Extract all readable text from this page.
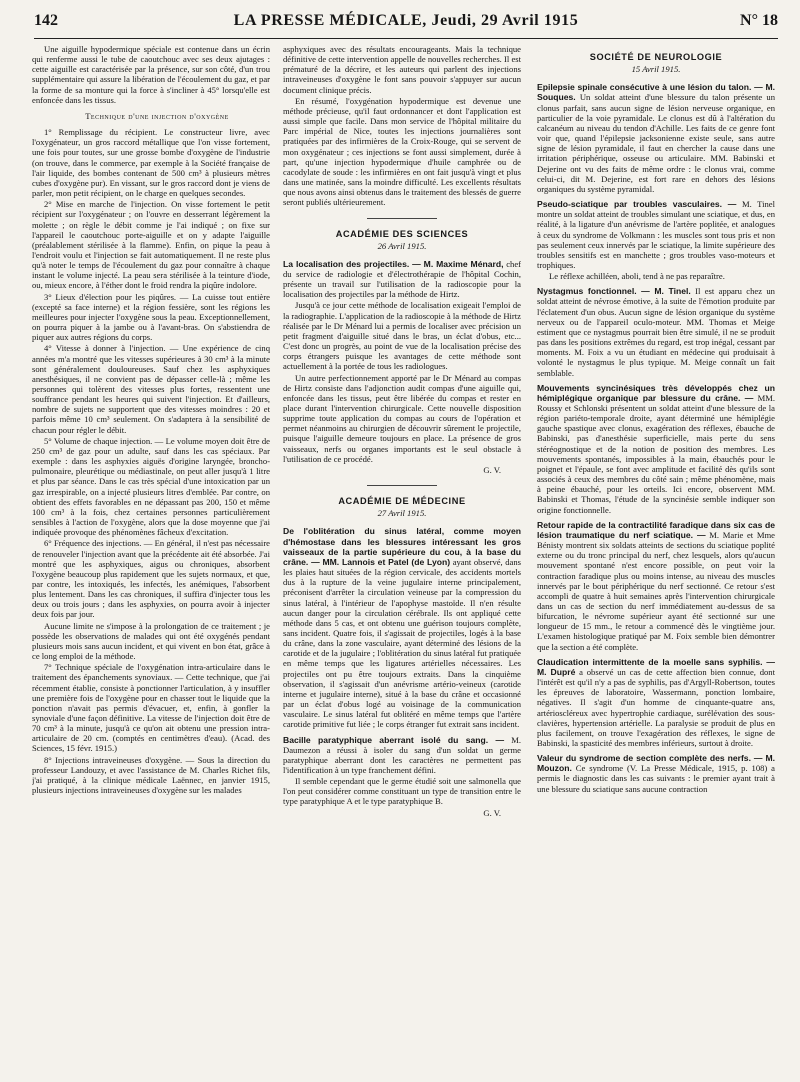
142	LA PRESSE MÉDICALE, Jeudi, 29 Avril 1915	N° 18

Une aiguille hypodermique spéciale est contenue dans un écrin qui renferme aussi le tube de caoutchouc avec ses deux ajutages : cette aiguille est caractérisée par la présence, sur son côté, d'un trou supplémentaire qui assure la libération de l'écoulement du gaz, et par la forme de sa monture qui la force à s'incliner à 45° lorsqu'elle est enfoncée dans les tissus.

Technique d'une injection d'oxygène

1° Remplissage du récipient. Le constructeur livre, avec l'oxygénateur, un gros raccord métallique que l'on visse fortement, une fois pour toutes, sur une grosse bombe d'oxygène de l'industrie (on trouve, dans le commerce, par exemple à la Société française de l'air liquide, des bombes contenant de 500 cm³ à plusieurs mètres cubes d'oxygène pur). En vissant, sur le gros raccord dont je viens de parler, mon petit récipient, on le charge en quelques secondes.

2° Mise en marche de l'injection. On visse fortement le petit récipient sur l'oxygénateur ; on l'ouvre en desserrant légèrement la molette ; on règle le débit comme je l'ai indiqué ; on fixe sur l'appareil le caoutchouc porte-aiguille et on y adapte l'aiguille (préalablement stérilisée à la flamme). Enfin, on pique la peau à l'endroit voulu et l'injection se fait automatiquement. Il ne reste plus qu'à noter le temps de l'écoulement du gaz pour connaître à chaque instant le volume injecté. La peau sera stérilisée à la teinture d'iode, ou, mieux encore, à l'éther dont le froid rendra la piqûre indolore.

3° Lieux d'élection pour les piqûres. — La cuisse tout entière (excepté sa face interne) et la région fessière, sont les régions les meilleures pour injecter l'oxygène sous la peau. Exceptionnellement, on pourra piquer à la jambe ou à l'avant-bras. On s'abstiendra de piquer aux autres régions du corps.

4° Vitesse à donner à l'injection. — Une expérience de cinq années m'a montré que les vitesses supérieures à 30 cm³ à la minute sont généralement douloureuses. Sauf chez les asphyxiques anesthésiques, il ne convient pas de dépasser celle-là ; même les personnes qui tolèrent des vitesses plus fortes, ressentent une souffrance pendant les heures qui suivent l'injection. Et d'ailleurs, nombre de sujets ne supportent que des vitesses moindres : 20 et parfois même 10 cm³ seulement. On s'adaptera à la sensibilité de chacun pour régler le débit.

5° Volume de chaque injection. — Le volume moyen doit être de 250 cm³ de gaz pour un adulte, sauf dans les cas spéciaux. Par exemple : dans les asphyxies aiguës d'origine laryngée, broncho-pulmonaire, pleurétique ou médiastinale, on peut aller jusqu'à 1 litre et plus par séance. Dans le cas très spécial d'une intoxication par un gaz irrespirable, on a injecté plusieurs litres d'emblée. Par contre, on obtient des effets favorables en ne dépassant pas 200, 150 et même 100 cm³ à la fois, chez certaines personnes particulièrement sensibles à l'action de l'oxygène, alors que la dose moyenne que j'ai indiquée provoque des phénomènes fâcheux d'excitation.

6° Fréquence des injections. — En général, il n'est pas nécessaire de renouveler l'injection avant que la précédente ait été absorbée. J'ai montré que les asphyxiques, aigus ou chroniques, absorbent l'oxygène beaucoup plus rapidement que les sujets normaux, et que, par contre, les intoxiqués, les infectés, les anémiques, l'absorbent plus lentement. Dans les cas chroniques, il suffira d'injecter tous les deux ou trois jours ; dans les asphyxies, on pourra avoir à injecter deux fois par jour.

Aucune limite ne s'impose à la prolongation de ce traitement ; je possède les observations de malades qui ont été oxygénés pendant plusieurs mois sans aucun incident, et qui vivent en bon état, grâce à ce long emploi de la méthode.

7° Technique spéciale de l'oxygénation intra-articulaire dans le traitement des épanchements synoviaux. — Cette technique, que j'ai récemment établie, consiste à ponctionner l'articulation, à y insuffler une première fois de l'oxygène pour en chasser tout le liquide que la ponction n'avait pas permis d'évacuer, et, enfin, à gonfler la synoviale d'une façon définitive. La vitesse de l'injection doit être de 70 cm³ à la minute, jusqu'à ce qu'on ait obtenu une pression intra-articulaire de 20 cm. (comptés en centimètres d'eau). (Acad. des Sciences, 15 févr. 1915.)

8° Injections intraveineuses d'oxygène. — Sous la direction du professeur Landouzy, et avec l'assistance de M. Charles Richet fils, j'ai pratiqué, à la clinique médicale Laënnec, en janvier 1915, plusieurs injections intraveineuses d'oxygène sur les malades

asphyxiques avec des résultats encourageants. Mais la technique définitive de cette intervention appelle de nouvelles recherches. Il est prématuré de la décrire, et les auteurs qui parlent des injections intraveineuses d'oxygène le font sans pouvoir s'appuyer sur aucun document clinique précis.

En résumé, l'oxygénation hypodermique est devenue une méthode précieuse, qu'il faut ordonnancer et dont l'application est aussi simple que facile. Dans mon service de l'hôpital militaire du Parc impérial de Nice, toutes les injections journalières sont pratiquées par des infirmières de la Croix-Rouge, qui se servent de mon oxygénateur ; ces injections se font aussi simplement, durée à part, qu'une injection hypodermique d'huile camphrée ou de cacodylate de soude : les infirmières en ont fait jusqu'à vingt et plus dans une matinée, sans la moindre difficulté. Les excellents résultats que nous avons ainsi obtenus dans le traitement des blessés de guerre seront publiés ultérieurement.

ACADÉMIE DES SCIENCES

26 Avril 1915.

La localisation des projectiles. — M. Maxime Ménard, chef du service de radiologie et d'électrothérapie de l'hôpital Cochin, présente un travail sur l'utilisation de la radioscopie pour la localisation des projectiles par la méthode de Hirtz.

Jusqu'à ce jour cette méthode de localisation exigeait l'emploi de la radiographie. L'application de la radioscopie à la méthode de Hirtz réalisée par le Dr Ménard lui a permis de localiser avec précision un petit fragment d'aiguille situé dans le bras, un éclat d'obus, etc... C'est donc un progrès, au point de vue de la localisation précise des corps étrangers puisque les avantages de cette méthode sont actuellement à la portée de tous les radiologues.

Un autre perfectionnement apporté par le Dr Ménard au compas de Hirtz consiste dans l'adjonction audit compas d'une aiguille qui, enfoncée dans les tissus, peut être libérée du compas et rester en place durant l'intervention chirurgicale. Cette nouvelle disposition supprime toute application du compas au cours de l'opération et permet néanmoins au chirurgien de découvrir sûrement le projectile, puisque l'aiguille demeure toujours en place. La présence de gros vaisseaux, nerfs ou organes importants est le seul obstacle à l'utilisation de ce procédé.

G. V.

ACADÉMIE DE MÉDECINE

27 Avril 1915.

De l'oblitération du sinus latéral, comme moyen d'hémostase dans les blessures intéressant les gros vaisseaux de la partie supérieure du cou, à la base du crâne. — MM. Lannois et Patel (de Lyon) ayant observé, dans les plaies haut situées de la région cervicale, des accidents mortels dus à la rupture de la veine jugulaire interne principalement, préconisent d'arrêter la circulation veineuse par la compression du sinus latéral, à l'intérieur de l'apophyse mastoïde. Il n'en résulte aucun danger pour la circulation cérébrale. Ils ont appliqué cette méthode dans 5 cas, et ont obtenu une guérison toujours complète, sans incident. Quatre fois, il s'agissait de projectiles, logés à la base du crâne, dans la zone vasculaire, ayant déterminé des lésions de la carotide et de la jugulaire ; l'oblitération du sinus latéral fut pratiquée en même temps que les ligatures artérielles nécessaires. Les projectiles ont pu être toujours extraits. Dans la cinquième observation, il s'agissait d'un anévrisme artério-veineux (carotide interne et jugulaire interne), situé à la base du crâne et occasionné par un éclat d'obus logé au voisinage de la communication vasculaire. Le sinus latéral fut oblitéré en même temps que l'artère carotide primitive fut liée ; le corps étranger fut extrait sans incident.

Bacille paratyphique aberrant isolé du sang. — M. Daumezon a réussi à isoler du sang d'un soldat un germe paratyphique aberrant dont les caractères ne permettent pas l'identification à un type franchement défini.

Il semble cependant que le germe étudié soit une salmonella que l'on peut considérer comme constituant un type de transition entre le type paratyphique A et le type paratyphique B.

G. V.

SOCIÉTÉ DE NEUROLOGIE

15 Avril 1915.

Epilepsie spinale consécutive à une lésion du talon. — M. Souques. Un soldat atteint d'une blessure du talon présente un clonus parfait, sans aucun signe de lésion nerveuse organique, en particulier de la voie pyramidale. Le clonus est dû à l'altération du calcanéum au niveau du tendon d'Achille. Les faits de ce genre font voir que, quand l'épilepsie jacksonienne existe seule, sans autre signe de lésion pyramidale, il faut en chercher la cause dans une irritation périphérique, osseuse ou articulaire. MM. Babinski et Dejerine ont vu des faits de même ordre : le clonus vrai, comme celui-ci, dit M. Dejerine, est fort rare en dehors des lésions organiques du système pyramidal.

Pseudo-sciatique par troubles vasculaires. — M. Tinel montre un soldat atteint de troubles simulant une sciatique, et dus, en réalité, à la ligature d'un anévrisme de l'artère poplitée, et analogues à ceux du syndrome de Volkmann : les muscles sont tous pris et non pas seulement ceux innervés par le sciatique, la limite supérieure des troubles sensitifs est en manchette ; gros troubles vaso-moteurs et trophiques.

Le réflexe achilléen, aboli, tend à ne pas reparaître.

Nystagmus fonctionnel. — M. Tinel. Il est apparu chez un soldat atteint de névrose émotive, à la suite de l'émotion produite par l'éclatement d'un obus. Aucun signe de lésion organique du système nerveux ou de l'appareil oculo-moteur. MM. Thomas et Meige estiment que ce nystagmus pourrait bien être simulé, il ne se produit pas dans les positions extrêmes du regard, est trop inégal, cessant par moments. M. Foix a vu un étudiant en médecine qui produisait à volonté le nystagmus le plus typique. M. Meige connaît un fait semblable.

Mouvements syncinésiques très développés chez un hémiplégique organique par blessure du crâne. — MM. Roussy et Schlonski présentent un soldat atteint d'une blessure de la région pariéto-temporale droite, ayant déterminé une hémiplégie gauche spastique avec clonus, exagération des réflexes, ébauche de Babinski, pas d'anesthésie superficielle, mais perte du sens stéréognostique et de la notion de position des membres. Les mouvements spontanés, impossibles à la main, ébauchés pour le poignet et l'épaule, se font avec amplitude et facilité dès qu'ils sont associés à ceux des membres du côté sain ; même phénomène, mais à peine ébauché, pour les orteils. Ici encore, observent MM. Babinski et Thomas, l'étude de la syncinésie semble indiquer son origine fonctionnelle.

Retour rapide de la contractilité faradique dans six cas de lésion traumatique du nerf sciatique. — M. Marie et Mme Bénisty montrent six soldats atteints de sections du sciatique poplité externe ou du tronc principal du nerf, chez lesquels, alors qu'aucun mouvement spontané n'est encore possible, on peut voir la contraction faradique plus ou moins intense, au niveau des muscles innervés par le bout périphérique du nerf sectionné. Ce retour s'est accompli de quatre à huit semaines après l'intervention chirurgicale dans un cas de section du nerf immédiatement au-dessus de sa bifurcation, le névrome supérieur ayant été sectionné sur une longueur de 15 mm., le retour a commencé dès le vingtième jour. L'examen histologique pratiqué par M. Foix semble bien démontrer que la section a été complète.

Claudication intermittente de la moelle sans syphilis. — M. Dupré a observé un cas de cette affection bien connue, dont l'intérêt est qu'il n'y a pas de syphilis, pas d'Argyll-Robertson, toutes les épreuves de laboratoire, Wassermann, ponction lombaire, négatives. Il s'agit d'un homme de cinquante-quatre ans, artérioscléreux avec hypertrophie cardiaque, surélévation des sous-clavières, hypertension artérielle. La paralysie se produit de plus en plus facilement, on trouve l'exagération des réflexes, le signe de Babinski, la spasticité des membres inférieurs, surtout à droite.

Valeur du syndrome de section complète des nerfs. — M. Mouzon. Ce syndrome (V. La Presse Médicale, 1915, p. 108) a permis le diagnostic dans les cas suivants : le premier ayant trait à une blessure du sciatique sans aucune contraction
